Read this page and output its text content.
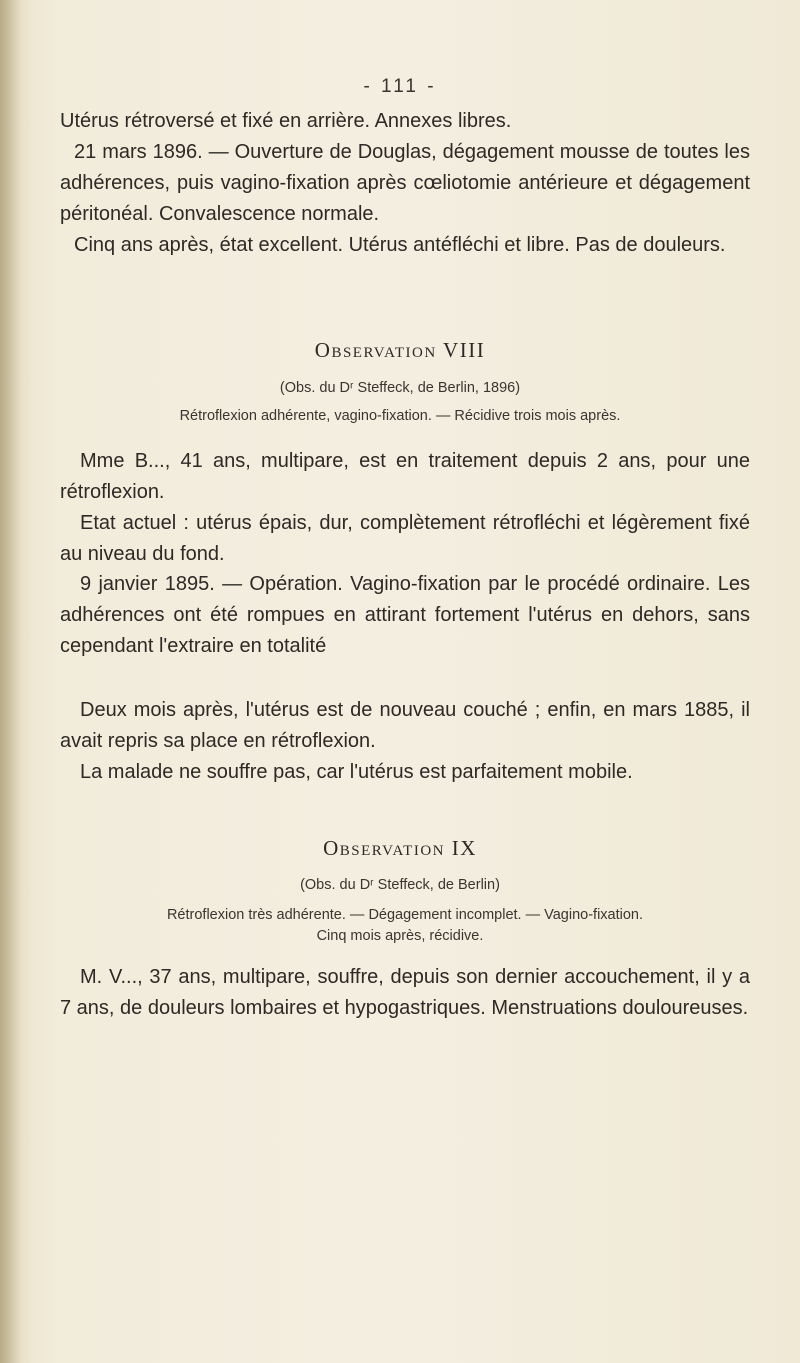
- 111 -
Utérus rétroversé et fixé en arrière. Annexes libres.
21 mars 1896. — Ouverture de Douglas, dégagement mousse de toutes les adhérences, puis vagino-fixation après cœliotomie antérieure et dégagement péritonéal. Convalescence normale.
Cinq ans après, état excellent. Utérus antéfléchi et libre. Pas de douleurs.
Observation VIII
(Obs. du Dʳ Steffeck, de Berlin, 1896)
Rétroflexion adhérente, vagino-fixation. — Récidive trois mois après.
Mme B..., 41 ans, multipare, est en traitement depuis 2 ans, pour une rétroflexion.
Etat actuel : utérus épais, dur, complètement rétrofléchi et légèrement fixé au niveau du fond.
9 janvier 1895. — Opération. Vagino-fixation par le procédé ordinaire. Les adhérences ont été rompues en attirant fortement l'utérus en dehors, sans cependant l'extraire en totalité
Deux mois après, l'utérus est de nouveau couché ; enfin, en mars 1885, il avait repris sa place en rétroflexion.
La malade ne souffre pas, car l'utérus est parfaitement mobile.
Observation IX
(Obs. du Dʳ Steffeck, de Berlin)
Rétroflexion très adhérente. — Dégagement incomplet. — Vagino-fixation.
Cinq mois après, récidive.
M. V..., 37 ans, multipare, souffre, depuis son dernier accouchement, il y a 7 ans, de douleurs lombaires et hypogastriques. Menstruations douloureuses.
